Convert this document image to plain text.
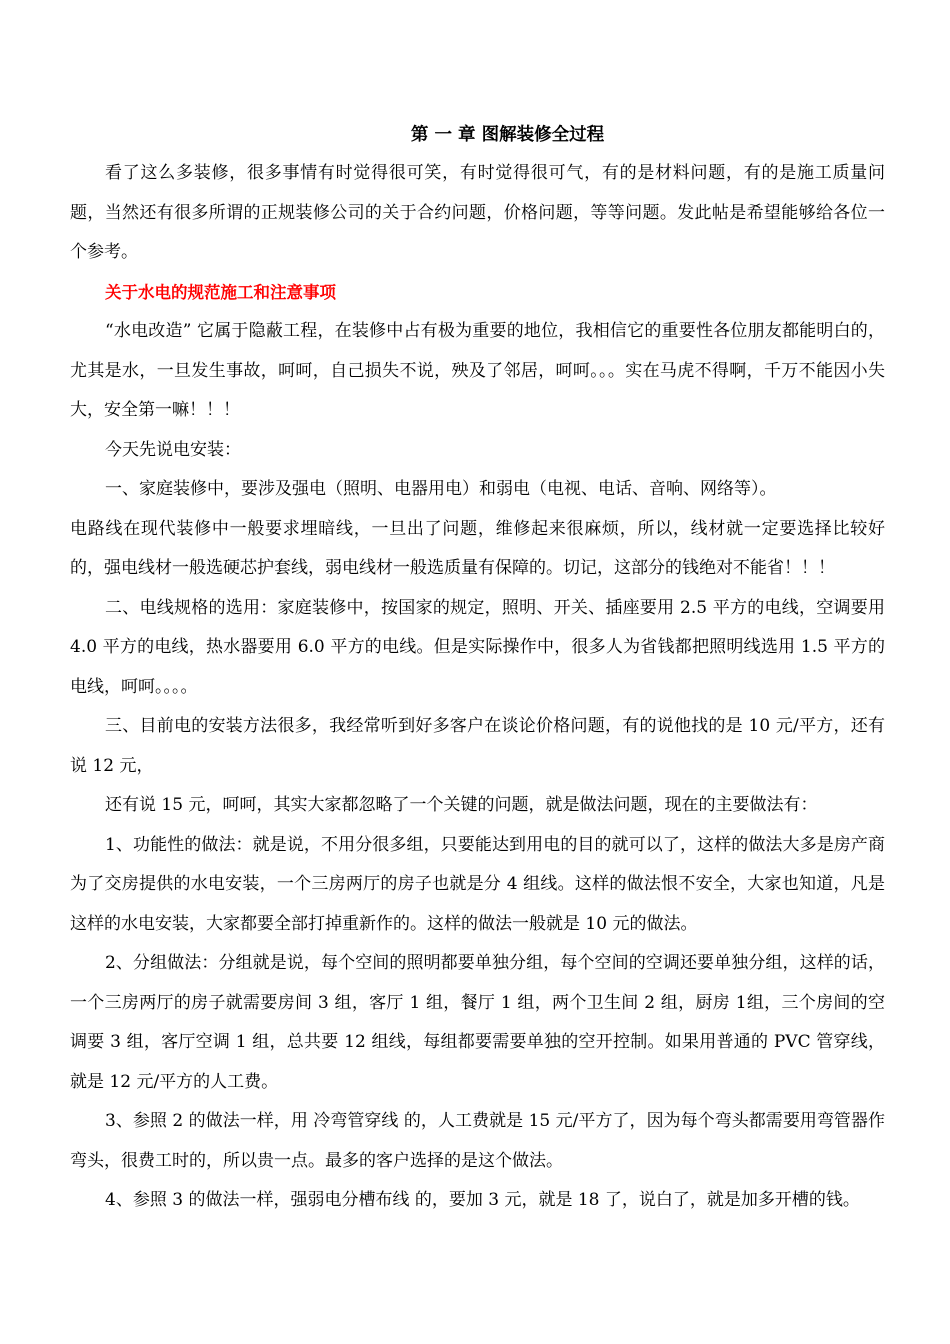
第 一 章 图解装修全过程

看了这么多装修，很多事情有时觉得很可笑，有时觉得很可气，有的是材料问题，有的是施工质量问题，当然还有很多所谓的正规装修公司的关于合约问题，价格问题，等等问题。发此帖是希望能够给各位一个参考。

关于水电的规范施工和注意事项

“水电改造” 它属于隐蔽工程，在装修中占有极为重要的地位，我相信它的重要性各位朋友都能明白的，尤其是水，一旦发生事故，呵呵，自己损失不说，殃及了邻居，呵呵。。。实在马虎不得啊，千万不能因小失大，安全第一嘛！！！

今天先说电安装：

一、家庭装修中，要涉及强电（照明、电器用电）和弱电（电视、电话、音响、网络等）。

电路线在现代装修中一般要求埋暗线，一旦出了问题，维修起来很麻烦，所以，线材就一定要选择比较好的，强电线材一般选硬芯护套线，弱电线材一般选质量有保障的。切记，这部分的钱绝对不能省！！！

二、电线规格的选用：家庭装修中，按国家的规定，照明、开关、插座要用 2.5 平方的电线，空调要用 4.0 平方的电线，热水器要用 6.0 平方的电线。但是实际操作中，很多人为省钱都把照明线选用 1.5 平方的电线，呵呵。。。。

三、目前电的安装方法很多，我经常听到好多客户在谈论价格问题，有的说他找的是 10 元/平方，还有说 12 元，

还有说 15 元，呵呵，其实大家都忽略了一个关键的问题，就是做法问题，现在的主要做法有：

1、功能性的做法：就是说，不用分很多组，只要能达到用电的目的就可以了，这样的做法大多是房产商为了交房提供的水电安装，一个三房两厅的房子也就是分 4 组线。这样的做法恨不安全，大家也知道，凡是这样的水电安装，大家都要全部打掉重新作的。这样的做法一般就是 10 元的做法。

2、分组做法：分组就是说，每个空间的照明都要单独分组，每个空间的空调还要单独分组，这样的话，一个三房两厅的房子就需要房间 3 组，客厅 1 组，餐厅 1 组，两个卫生间 2 组，厨房 1组，三个房间的空调要 3 组，客厅空调 1 组，总共要 12 组线，每组都要需要单独的空开控制。如果用普通的 PVC 管穿线，就是 12 元/平方的人工费。

3、参照 2 的做法一样，用 冷弯管穿线 的，人工费就是 15 元/平方了，因为每个弯头都需要用弯管器作弯头，很费工时的，所以贵一点。最多的客户选择的是这个做法。

4、参照 3 的做法一样，强弱电分槽布线 的，要加 3 元，就是 18 了，说白了，就是加多开槽的钱。
